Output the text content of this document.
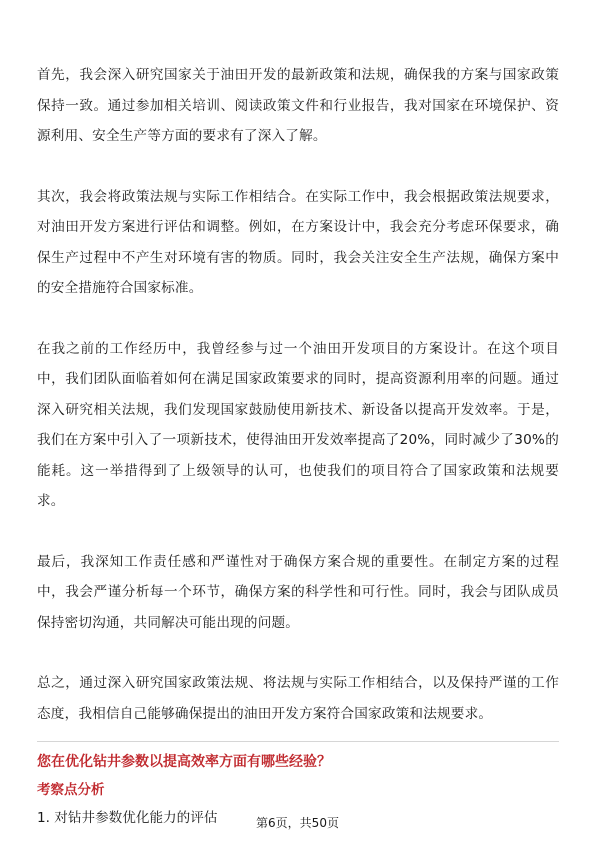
首先，我会深入研究国家关于油田开发的最新政策和法规，确保我的方案与国家政策保持一致。通过参加相关培训、阅读政策文件和行业报告，我对国家在环境保护、资源利用、安全生产等方面的要求有了深入了解。

其次，我会将政策法规与实际工作相结合。在实际工作中，我会根据政策法规要求，对油田开发方案进行评估和调整。例如，在方案设计中，我会充分考虑环保要求，确保生产过程中不产生对环境有害的物质。同时，我会关注安全生产法规，确保方案中的安全措施符合国家标准。

在我之前的工作经历中，我曾经参与过一个油田开发项目的方案设计。在这个项目中，我们团队面临着如何在满足国家政策要求的同时，提高资源利用率的问题。通过深入研究相关法规，我们发现国家鼓励使用新技术、新设备以提高开发效率。于是，我们在方案中引入了一项新技术，使得油田开发效率提高了20%，同时减少了30%的能耗。这一举措得到了上级领导的认可，也使我们的项目符合了国家政策和法规要求。

最后，我深知工作责任感和严谨性对于确保方案合规的重要性。在制定方案的过程中，我会严谨分析每一个环节，确保方案的科学性和可行性。同时，我会与团队成员保持密切沟通，共同解决可能出现的问题。

总之，通过深入研究国家政策法规、将法规与实际工作相结合，以及保持严谨的工作态度，我相信自己能够确保提出的油田开发方案符合国家政策和法规要求。

您在优化钻井参数以提高效率方面有哪些经验？

考察点分析

1. 对钻井参数优化能力的评估	第6页，共50页
